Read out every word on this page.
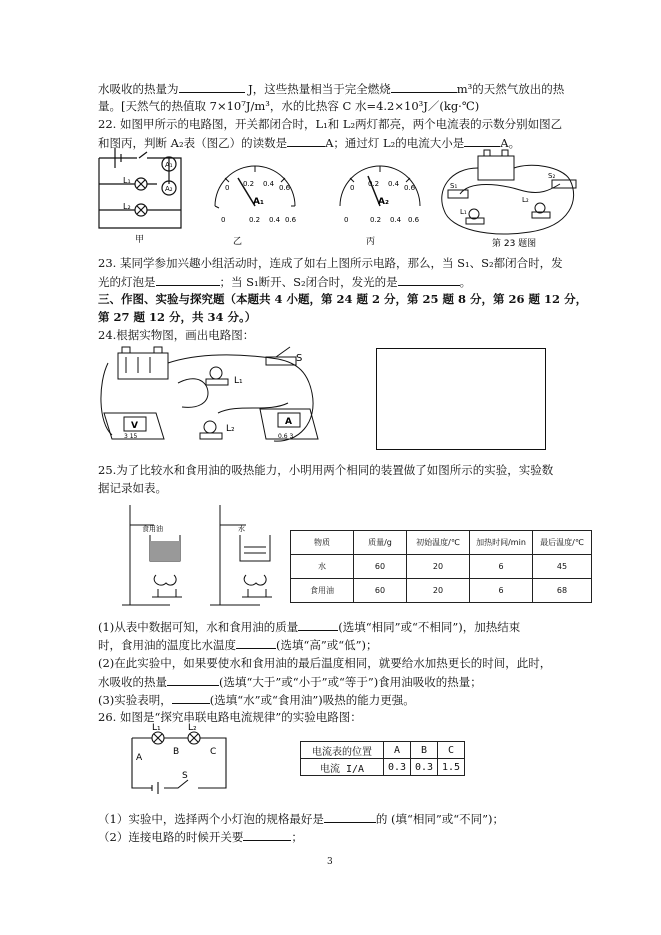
水吸收的热量为	J，这些热量相当于完全燃烧	m³的天然气放出的热
量。[天然气的热值取 7×10⁷J/m³，水的比热容 C 水=4.2×10³J／(kg·℃)
22. 如图甲所示的电路图，开关都闭合时，L₁和 L₂两灯都亮，两个电流表的示数分别如图乙
和图丙，判断 A₂表（图乙）的读数是	A；通过灯 L₂的电流大小是	A。
A₁
A₂
L₁
L₂
甲
0 0.2 0.4 0.6
A₁
0	0.2 0.4 0.6
乙
0 0.2 0.4 0.6
A₂
0	0.2 0.4 0.6
丙
S₁
S₂
L₁
L₂
第 23 题图
23. 某同学参加兴趣小组活动时，连成了如右上图所示电路，那么，当 S₁、S₂都闭合时，发
光的灯泡是	；当 S₁断开、S₂闭合时，发光的是	。
三、作图、实验与探究题（本题共 4 小题，第 24 题 2 分，第 25 题 8 分，第 26 题 12 分，
第 27 题 12 分，共 34 分。）
24.根据实物图，画出电路图：
S
L₁
L₂
V	A
3 15	0.6 3
25.为了比较水和食用油的吸热能力，小明用两个相同的装置做了如图所示的实验，实验数
据记录如表。
食用油	水
物质	质量/g	初始温度/℃	加热时间/min	最后温度/℃
水	60	20	6	45
食用油	60	20	6	68
(1)从表中数据可知，水和食用油的质量	(选填“相同”或“不相同”)，加热结束
时，食用油的温度比水温度	(选填“高”或“低”)；
(2)在此实验中，如果要使水和食用油的最后温度相同，就要给水加热更长的时间，此时，
水吸收的热量	(选填“大于”或“小于”或“等于”)食用油吸收的热量；
(3)实验表明，	(选填“水”或“食用油”)吸热的能力更强。
26. 如图是“探究串联电路电流规律”的实验电路图：
L₁	L₂
A
B	C
S
电流表的位置	A	B	C
电流 I/A	0.3	0.3	1.5
（1）实验中，选择两个小灯泡的规格最好是	的 (填“相同”或“不同”)；
（2）连接电路的时候开关要	；
3
